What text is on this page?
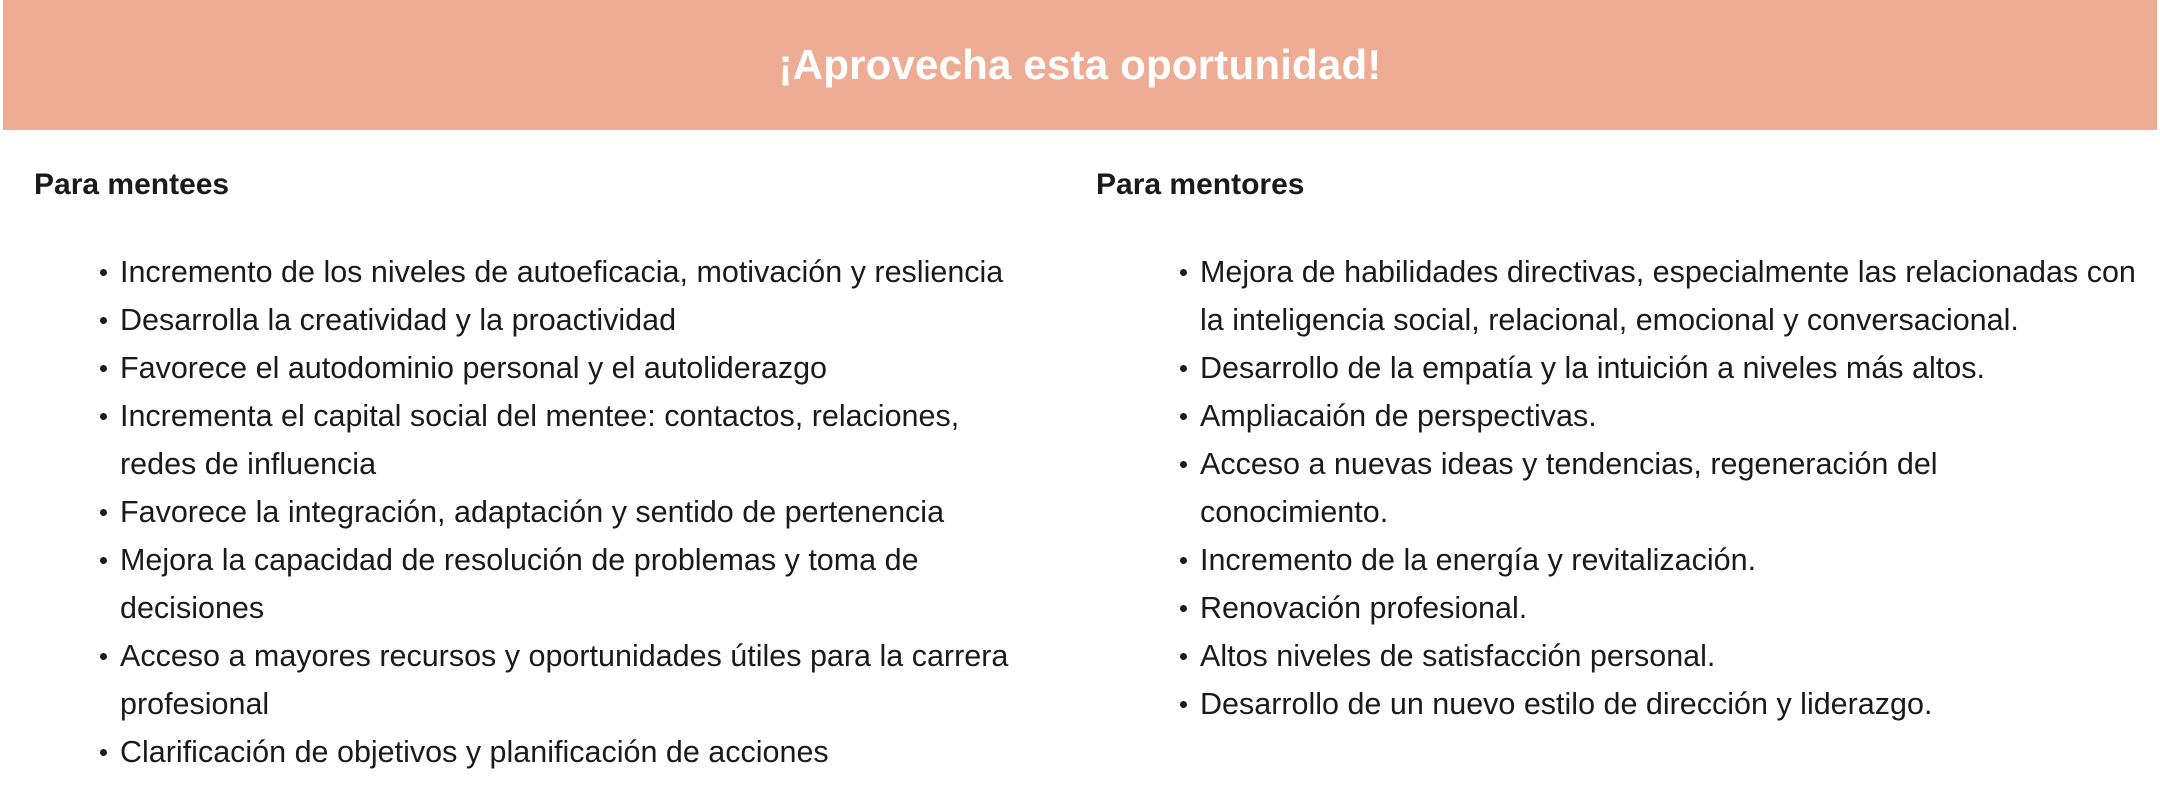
¡Aprovecha esta oportunidad!
Para mentees
Incremento de los niveles de autoeficacia, motivación y resliencia
Desarrolla la creatividad y la proactividad
Favorece el autodominio personal y el autoliderazgo
Incrementa el capital social del mentee: contactos, relaciones, redes de influencia
Favorece la integración, adaptación y sentido de pertenencia
Mejora la capacidad de resolución de problemas y toma de decisiones
Acceso a mayores recursos y oportunidades útiles para la carrera profesional
Clarificación de objetivos y planificación de acciones
Para mentores
Mejora de habilidades directivas, especialmente las relacionadas con la inteligencia social, relacional, emocional y conversacional.
Desarrollo de la empatía y la intuición a niveles más altos.
Ampliacaión de perspectivas.
Acceso a nuevas ideas y tendencias, regeneración del conocimiento.
Incremento de la energía y revitalización.
Renovación profesional.
Altos niveles de satisfacción personal.
Desarrollo de un nuevo estilo de dirección y liderazgo.
